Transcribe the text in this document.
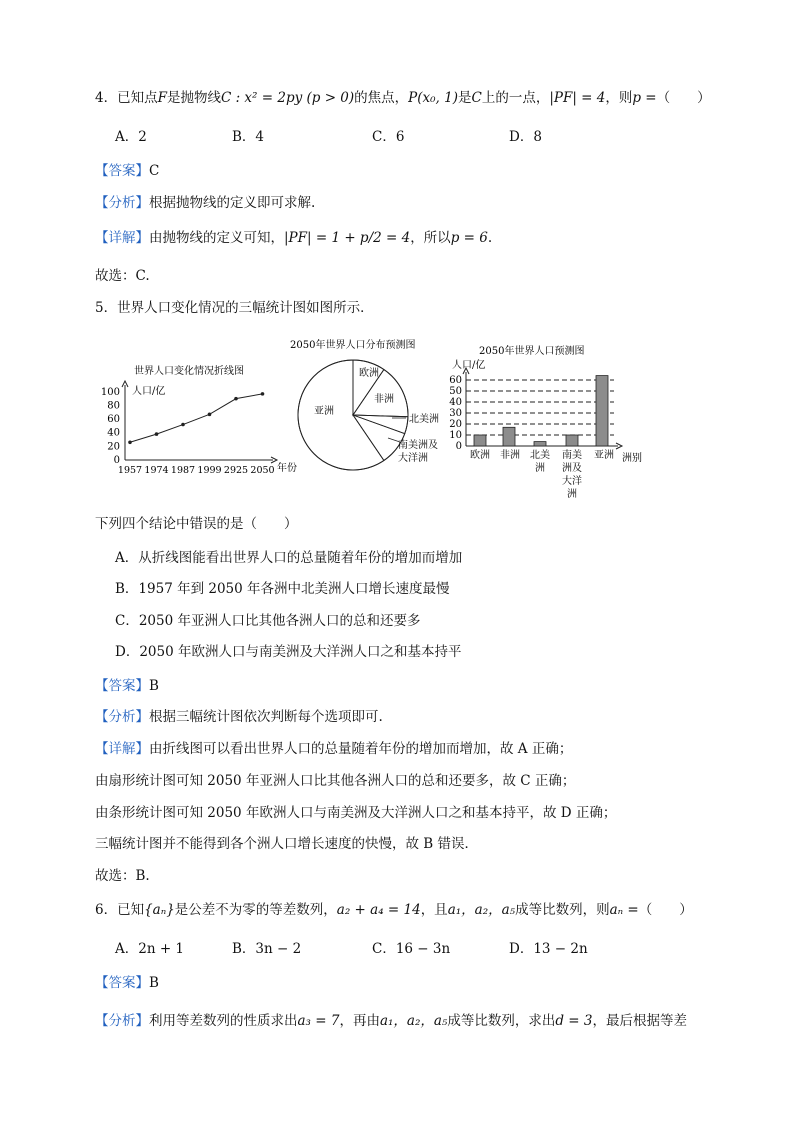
4．已知点F是抛物线C : x² = 2py (p > 0)的焦点，P(x₀, 1)是C上的一点，|PF| = 4，则p =（　　）
A．2	B．4	C．6	D．8
【答案】C
【分析】根据抛物线的定义即可求解.
【详解】由抛物线的定义可知，|PF| = 1 + p/2 = 4，所以p = 6.
故选：C.
5．世界人口变化情况的三幅统计图如图所示．
世界人口变化情况折线图
人口/亿
年份
0
20
40
60
80
100
1957 1974 1987 1999 2925 2050
2050年世界人口分布预测图
欧洲
非洲
北美洲
南美洲及大洋洲
亚洲
2050年世界人口预测图
人口/亿
洲别
0
10
20
30
40
50
60
欧洲 非洲 北美洲
南美洲及大洋洲
亚洲
下列四个结论中错误的是（　　）
A．从折线图能看出世界人口的总量随着年份的增加而增加
B．1957 年到 2050 年各洲中北美洲人口增长速度最慢
C．2050 年亚洲人口比其他各洲人口的总和还要多
D．2050 年欧洲人口与南美洲及大洋洲人口之和基本持平
【答案】B
【分析】根据三幅统计图依次判断每个选项即可.
【详解】由折线图可以看出世界人口的总量随着年份的增加而增加，故 A 正确；
由扇形统计图可知 2050 年亚洲人口比其他各洲人口的总和还要多，故 C 正确；
由条形统计图可知 2050 年欧洲人口与南美洲及大洋洲人口之和基本持平，故 D 正确；
三幅统计图并不能得到各个洲人口增长速度的快慢，故 B 错误．
故选：B.
6．已知{aₙ}是公差不为零的等差数列，a₂ + a₄ = 14，且a₁，a₂，a₅成等比数列，则aₙ =（　　）
A．2n + 1	B．3n − 2	C．16 − 3n	D．13 − 2n
【答案】B
【分析】利用等差数列的性质求出a₃ = 7，再由a₁，a₂，a₅成等比数列，求出d = 3，最后根据等差
